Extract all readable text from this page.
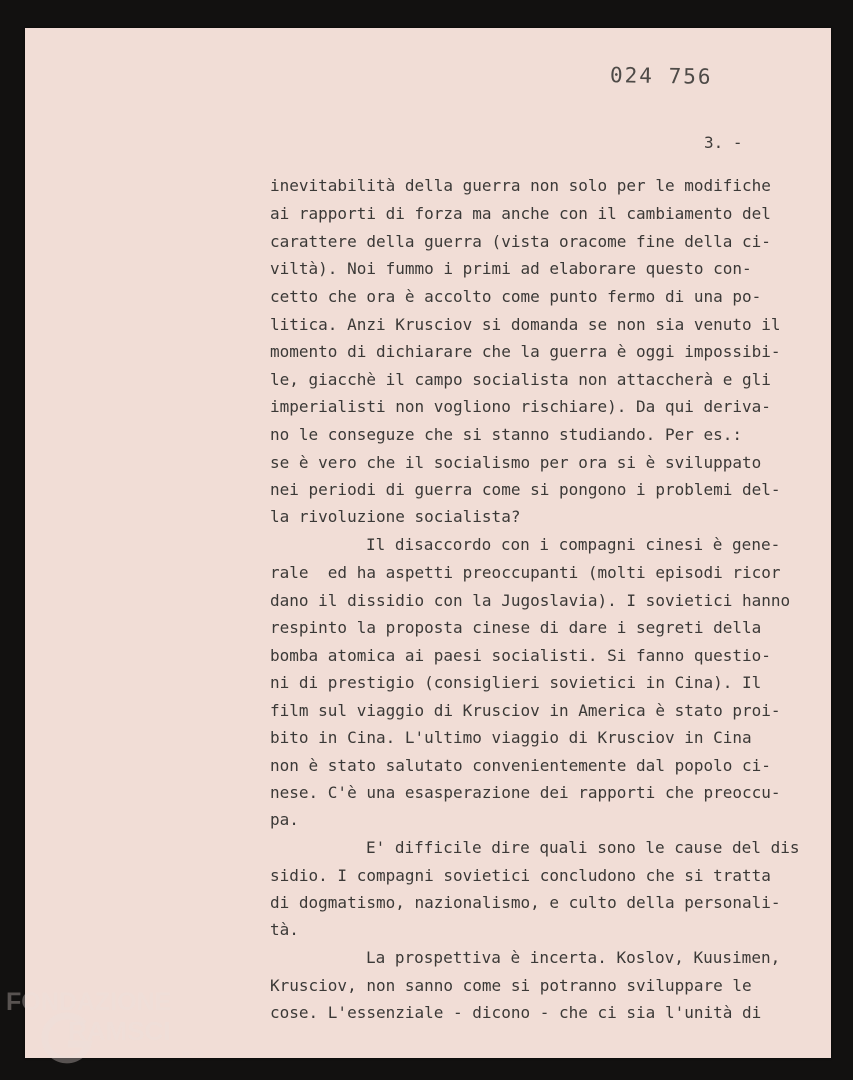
024 756
3. -
inevitabilità della guerra non solo per le modifiche
ai rapporti di forza ma anche con il cambiamento del
carattere della guerra (vista oracome fine della ci-
viltà). Noi fummo i primi ad elaborare questo con-
cetto che ora è accolto come punto fermo di una po-
litica. Anzi Krusciov si domanda se non sia venuto il
momento di dichiarare che la guerra è oggi impossibi-
le, giacchè il campo socialista non attaccherà e gli
imperialisti non vogliono rischiare). Da qui deriva-
no le conseguze che si stanno studiando. Per es.:
se è vero che il socialismo per ora si è sviluppato
nei periodi di guerra come si pongono i problemi del-
la rivoluzione socialista?
Il disaccordo con i compagni cinesi è gene-
rale  ed ha aspetti preoccupanti (molti episodi ricor
dano il dissidio con la Jugoslavia). I sovietici hanno
respinto la proposta cinese di dare i segreti della
bomba atomica ai paesi socialisti. Si fanno questio-
ni di prestigio (consiglieri sovietici in Cina). Il
film sul viaggio di Krusciov in America è stato proi-
bito in Cina. L'ultimo viaggio di Krusciov in Cina
non è stato salutato convenientemente dal popolo ci-
nese. C'è una esasperazione dei rapporti che preoccu-
pa.
E' difficile dire quali sono le cause del dis
sidio. I compagni sovietici concludono che si tratta
di dogmatismo, nazionalismo, e culto della personali-
tà.
La prospettiva è incerta. Koslov, Kuusimen,
Krusciov, non sanno come si potranno sviluppare le
cose. L'essenziale - dicono - che ci sia l'unità di
FONDAZIONE
RAMSCI
onlus
